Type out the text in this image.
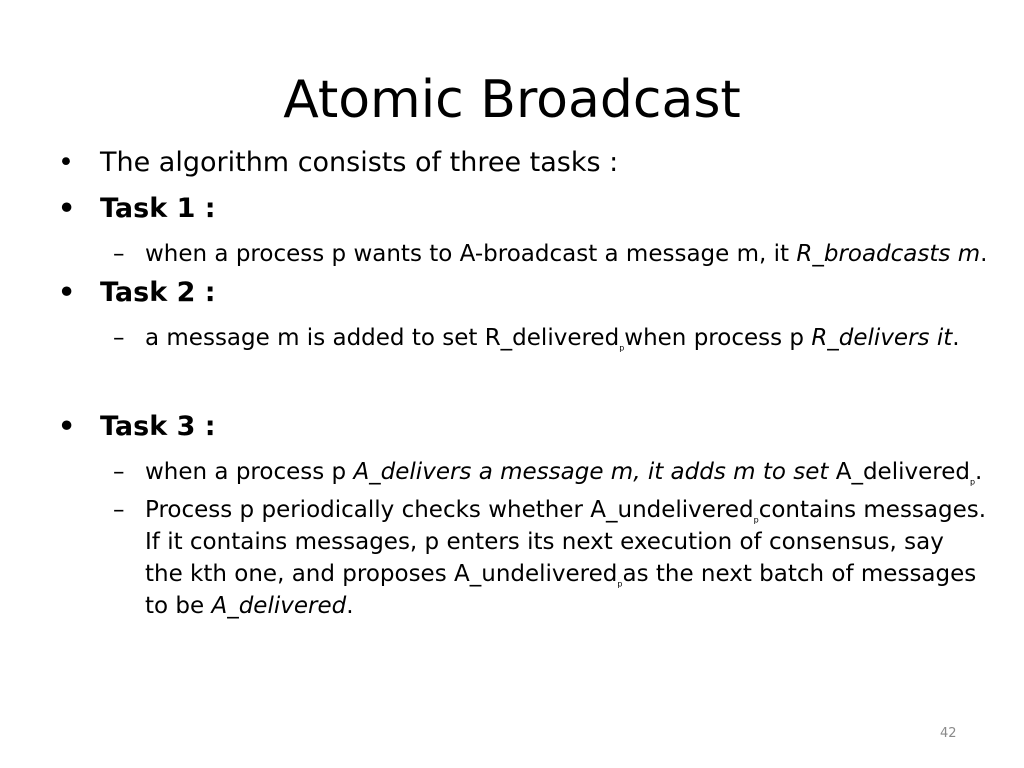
Atomic Broadcast
• The algorithm consists of three tasks :
• Task 1 :
– when a process p wants to A-broadcast a message m, it R_broadcasts m.
• Task 2 :
– a message m is added to set R_delivered$_p$when process p R_delivers it.
• Task 3 :
– when a process p A_delivers a message m, it adds m to set A_delivered$_p$.
– Process p periodically checks whether A_undelivered$_p$contains messages. If it contains messages, p enters its next execution of consensus, say the kth one, and proposes A_undelivered$_p$as the next batch of messages to be A_delivered.
42
